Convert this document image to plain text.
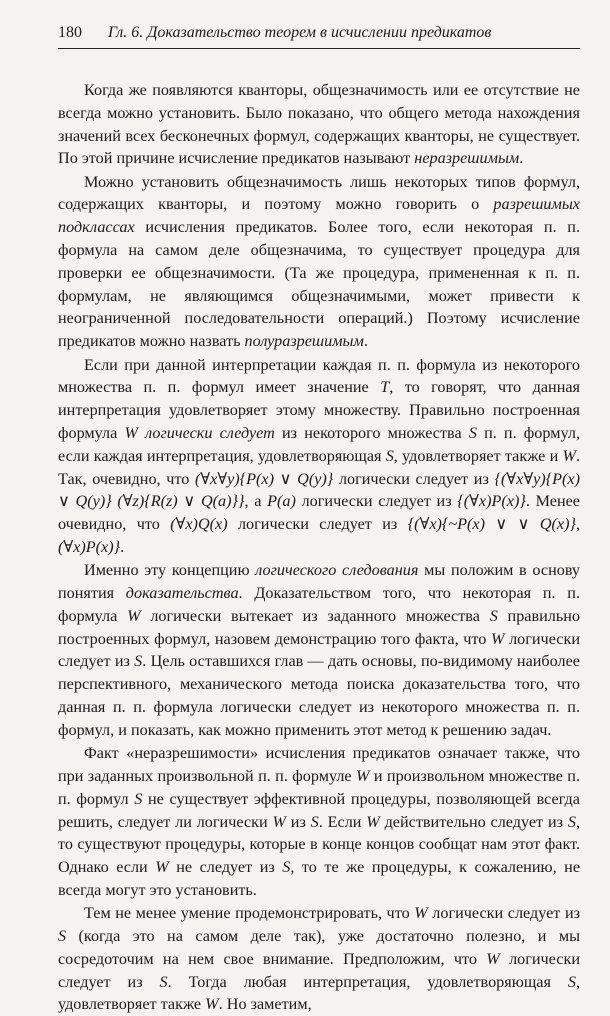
180	Гл. 6. Доказательство теорем в исчислении предикатов

Когда же появляются кванторы, общезначимость или ее отсутствие не всегда можно установить. Было показано, что общего метода нахождения значений всех бесконечных формул, содержащих кванторы, не существует. По этой причине исчисление предикатов называют неразрешимым.

Можно установить общезначимость лишь некоторых типов формул, содержащих кванторы, и поэтому можно говорить о разрешимых подклассах исчисления предикатов. Более того, если некоторая п. п. формула на самом деле общезначима, то существует процедура для проверки ее общезначимости. (Та же процедура, примененная к п. п. формулам, не являющимся общезначимыми, может привести к неограниченной последовательности операций.) Поэтому исчисление предикатов можно назвать полуразрешимым.

Если при данной интерпретации каждая п. п. формула из некоторого множества п. п. формул имеет значение T, то говорят, что данная интерпретация удовлетворяет этому множеству. Правильно построенная формула W логически следует из некоторого множества S п. п. формул, если каждая интерпретация, удовлетворяющая S, удовлетворяет также и W. Так, очевидно, что (∀x∀y){P(x) ∨ Q(y)} логически следует из {(∀x∀y){P(x) ∨ Q(y)} (∀z){R(z) ∨ Q(a)}}, а P(a) логически следует из {(∀x)P(x)}. Менее очевидно, что (∀x)Q(x) логически следует из {(∀x){~P(x) ∨ ∨ Q(x)}, (∀x)P(x)}.

Именно эту концепцию логического следования мы положим в основу понятия доказательства. Доказательством того, что некоторая п. п. формула W логически вытекает из заданного множества S правильно построенных формул, назовем демонстрацию того факта, что W логически следует из S. Цель оставшихся глав — дать основы, по-видимому наиболее перспективного, механического метода поиска доказательства того, что данная п. п. формула логически следует из некоторого множества п. п. формул, и показать, как можно применить этот метод к решению задач.

Факт «неразрешимости» исчисления предикатов означает также, что при заданных произвольной п. п. формуле W и произвольном множестве п. п. формул S не существует эффективной процедуры, позволяющей всегда решить, следует ли логически W из S. Если W действительно следует из S, то существуют процедуры, которые в конце концов сообщат нам этот факт. Однако если W не следует из S, то те же процедуры, к сожалению, не всегда могут это установить.

Тем не менее умение продемонстрировать, что W логически следует из S (когда это на самом деле так), уже достаточно полезно, и мы сосредоточим на нем свое внимание. Предположим, что W логически следует из S. Тогда любая интерпретация, удовлетворяющая S, удовлетворяет также W. Но заметим,
